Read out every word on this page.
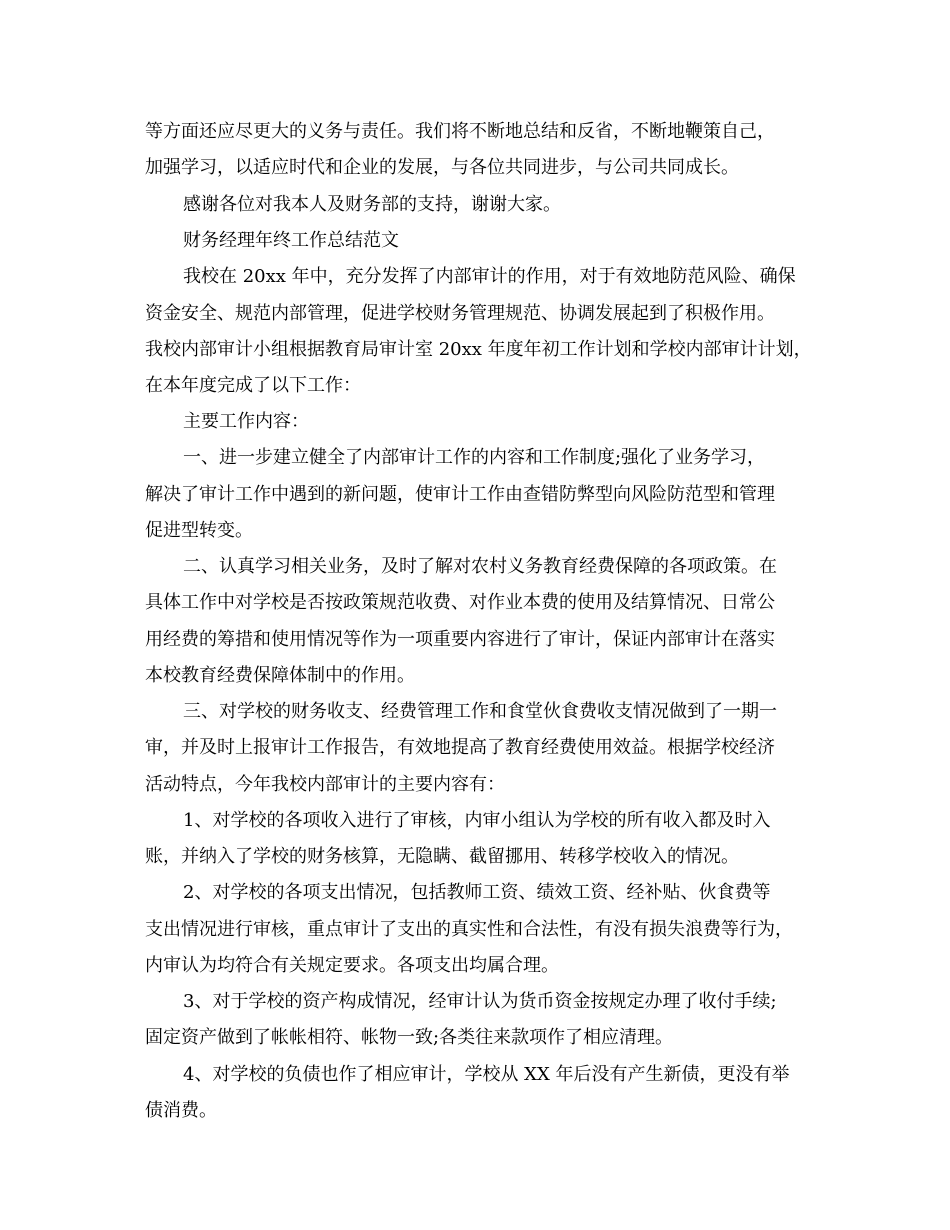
等方面还应尽更大的义务与责任。我们将不断地总结和反省，不断地鞭策自己，
加强学习，以适应时代和企业的发展，与各位共同进步，与公司共同成长。
感谢各位对我本人及财务部的支持，谢谢大家。
财务经理年终工作总结范文
我校在 20xx 年中，充分发挥了内部审计的作用，对于有效地防范风险、确保
资金安全、规范内部管理，促进学校财务管理规范、协调发展起到了积极作用。
我校内部审计小组根据教育局审计室 20xx 年度年初工作计划和学校内部审计计划，
在本年度完成了以下工作：
主要工作内容：
一、进一步建立健全了内部审计工作的内容和工作制度;强化了业务学习，
解决了审计工作中遇到的新问题，使审计工作由查错防弊型向风险防范型和管理
促进型转变。
二、认真学习相关业务，及时了解对农村义务教育经费保障的各项政策。在
具体工作中对学校是否按政策规范收费、对作业本费的使用及结算情况、日常公
用经费的筹措和使用情况等作为一项重要内容进行了审计，保证内部审计在落实
本校教育经费保障体制中的作用。
三、对学校的财务收支、经费管理工作和食堂伙食费收支情况做到了一期一
审，并及时上报审计工作报告，有效地提高了教育经费使用效益。根据学校经济
活动特点，今年我校内部审计的主要内容有：
1、对学校的各项收入进行了审核，内审小组认为学校的所有收入都及时入
账，并纳入了学校的财务核算，无隐瞒、截留挪用、转移学校收入的情况。
2、对学校的各项支出情况，包括教师工资、绩效工资、经补贴、伙食费等
支出情况进行审核，重点审计了支出的真实性和合法性，有没有损失浪费等行为，
内审认为均符合有关规定要求。各项支出均属合理。
3、对于学校的资产构成情况，经审计认为货币资金按规定办理了收付手续;
固定资产做到了帐帐相符、帐物一致;各类往来款项作了相应清理。
4、对学校的负债也作了相应审计，学校从 XX 年后没有产生新债，更没有举
债消费。
